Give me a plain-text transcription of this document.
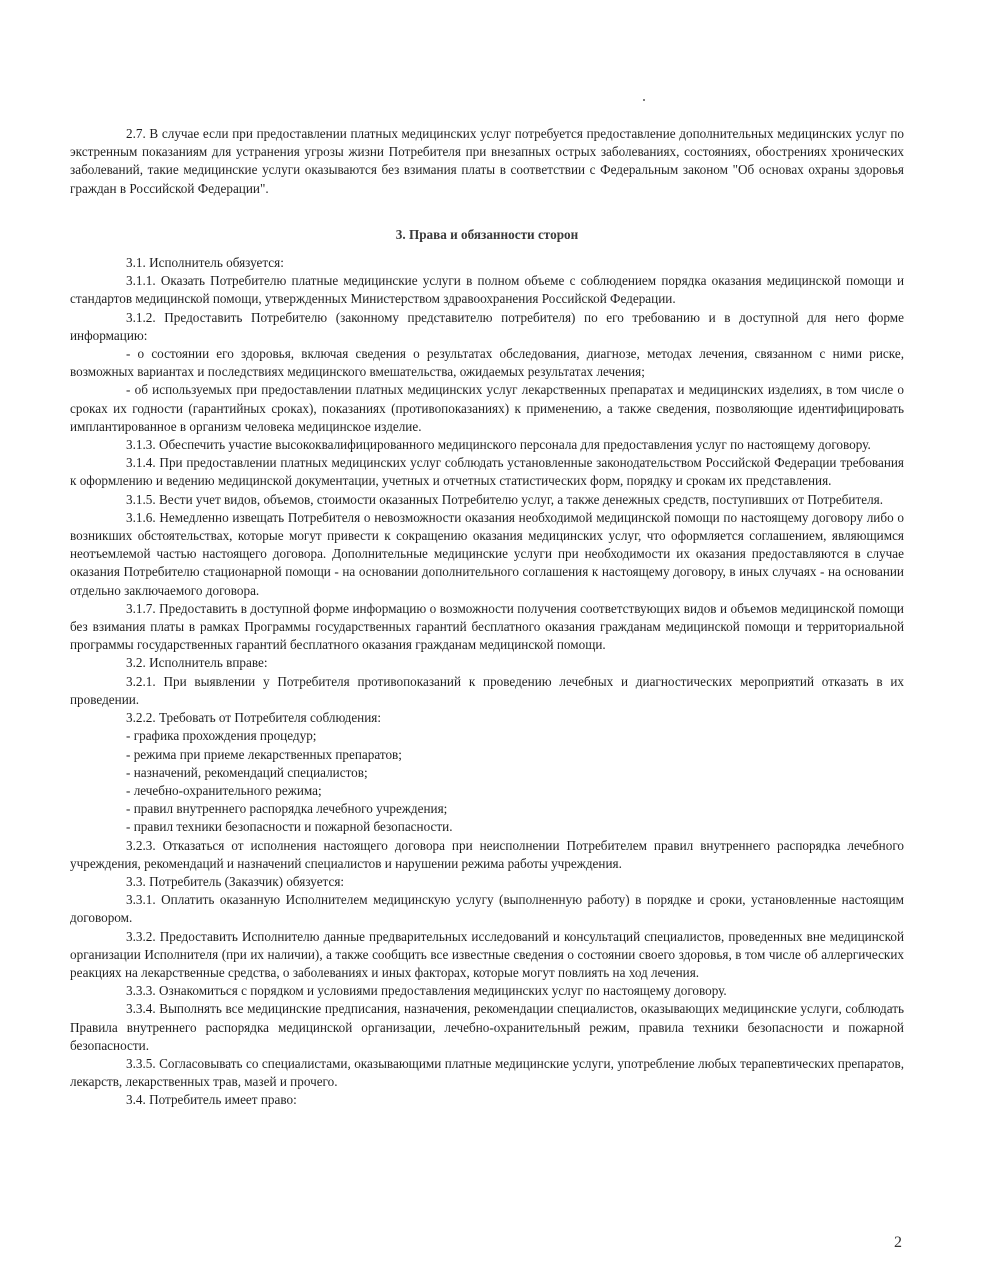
2.7. В случае если при предоставлении платных медицинских услуг потребуется предоставление дополнительных медицинских услуг по экстренным показаниям для устранения угрозы жизни Потребителя при внезапных острых заболеваниях, состояниях, обострениях хронических заболеваний, такие медицинские услуги оказываются без взимания платы в соответствии с Федеральным законом "Об основах охраны здоровья граждан в Российской Федерации".

3. Права и обязанности сторон

3.1. Исполнитель обязуется:

3.1.1. Оказать Потребителю платные медицинские услуги в полном объеме с соблюдением порядка оказания медицинской помощи и стандартов медицинской помощи, утвержденных Министерством здравоохранения Российской Федерации.

3.1.2. Предоставить Потребителю (законному представителю потребителя) по его требованию и в доступной для него форме информацию:

- о состоянии его здоровья, включая сведения о результатах обследования, диагнозе, методах лечения, связанном с ними риске, возможных вариантах и последствиях медицинского вмешательства, ожидаемых результатах лечения;

- об используемых при предоставлении платных медицинских услуг лекарственных препаратах и медицинских изделиях, в том числе о сроках их годности (гарантийных сроках), показаниях (противопоказаниях) к применению, а также сведения, позволяющие идентифицировать имплантированное в организм человека медицинское изделие.

3.1.3. Обеспечить участие высококвалифицированного медицинского персонала для предоставления услуг по настоящему договору.

3.1.4. При предоставлении платных медицинских услуг соблюдать установленные законодательством Российской Федерации требования к оформлению и ведению медицинской документации, учетных и отчетных статистических форм, порядку и срокам их представления.

3.1.5. Вести учет видов, объемов, стоимости оказанных Потребителю услуг, а также денежных средств, поступивших от Потребителя.

3.1.6. Немедленно извещать Потребителя о невозможности оказания необходимой медицинской помощи по настоящему договору либо о возникших обстоятельствах, которые могут привести к сокращению оказания медицинских услуг, что оформляется соглашением, являющимся неотъемлемой частью настоящего договора. Дополнительные медицинские услуги при необходимости их оказания предоставляются в случае оказания Потребителю стационарной помощи - на основании дополнительного соглашения к настоящему договору, в иных случаях - на основании отдельно заключаемого договора.

3.1.7. Предоставить в доступной форме информацию о возможности получения соответствующих видов и объемов медицинской помощи без взимания платы в рамках Программы государственных гарантий бесплатного оказания гражданам медицинской помощи и территориальной программы государственных гарантий бесплатного оказания гражданам медицинской помощи.

3.2. Исполнитель вправе:

3.2.1. При выявлении у Потребителя противопоказаний к проведению лечебных и диагностических мероприятий отказать в их проведении.

3.2.2. Требовать от Потребителя соблюдения:

- графика прохождения процедур;

- режима при приеме лекарственных препаратов;

- назначений, рекомендаций специалистов;

- лечебно-охранительного режима;

- правил внутреннего распорядка лечебного учреждения;

- правил техники безопасности и пожарной безопасности.

3.2.3. Отказаться от исполнения настоящего договора при неисполнении Потребителем правил внутреннего распорядка лечебного учреждения, рекомендаций и назначений специалистов и нарушении режима работы учреждения.

3.3. Потребитель (Заказчик) обязуется:

3.3.1. Оплатить оказанную Исполнителем медицинскую услугу (выполненную работу) в порядке и сроки, установленные настоящим договором.

3.3.2. Предоставить Исполнителю данные предварительных исследований и консультаций специалистов, проведенных вне медицинской организации Исполнителя (при их наличии), а также сообщить все известные сведения о состоянии своего здоровья, в том числе об аллергических реакциях на лекарственные средства, о заболеваниях и иных факторах, которые могут повлиять на ход лечения.

3.3.3. Ознакомиться с порядком и условиями предоставления медицинских услуг по настоящему договору.

3.3.4. Выполнять все медицинские предписания, назначения, рекомендации специалистов, оказывающих медицинские услуги, соблюдать Правила внутреннего распорядка медицинской организации, лечебно-охранительный режим, правила техники безопасности и пожарной безопасности.

3.3.5. Согласовывать со специалистами, оказывающими платные медицинские услуги, употребление любых терапевтических препаратов, лекарств, лекарственных трав, мазей и прочего.

3.4. Потребитель имеет право:

2
